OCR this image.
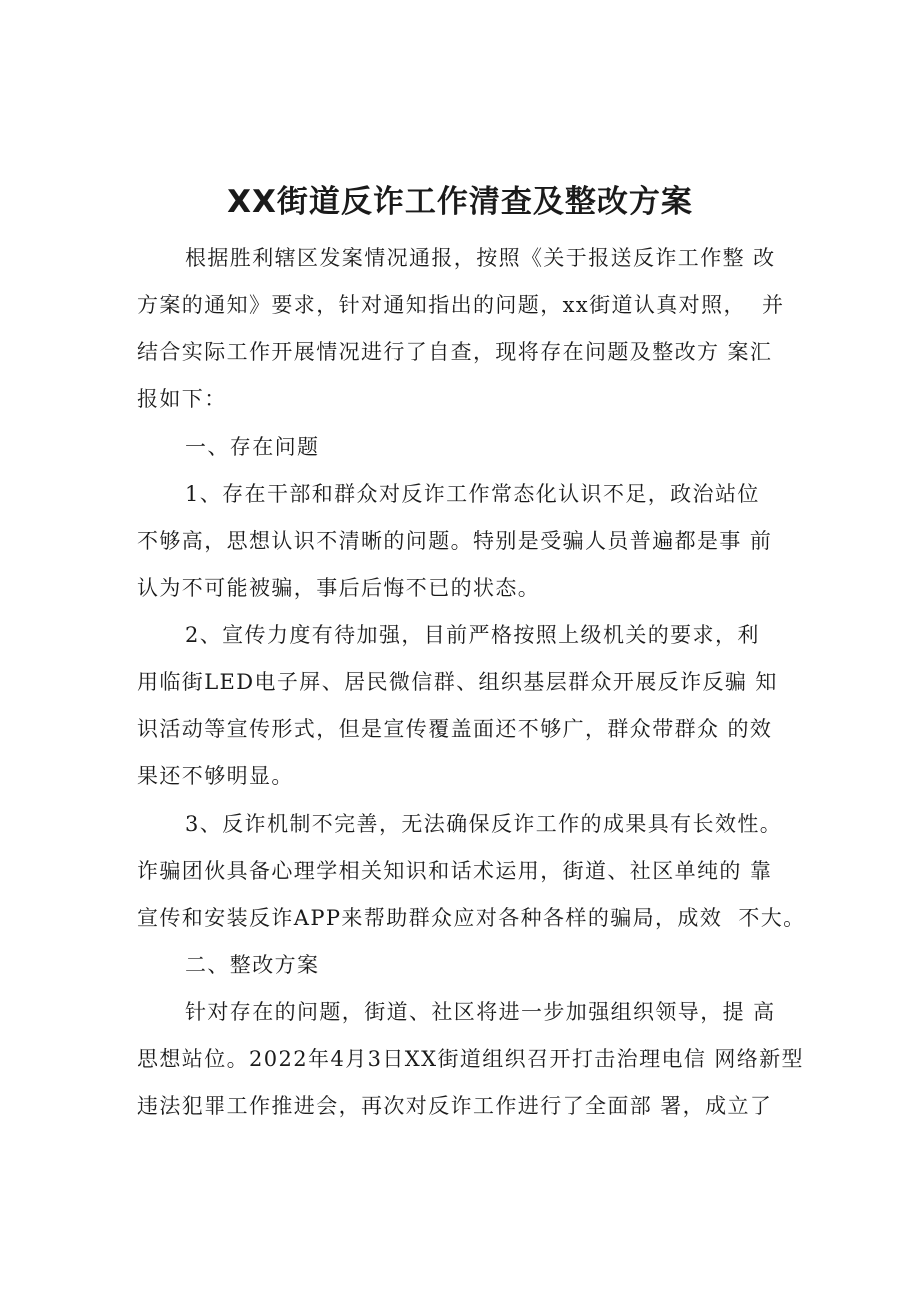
XX街道反诈工作清查及整改方案
根据胜利辖区发案情况通报，按照《关于报送反诈工作整 改
方案的通知》要求，针对通知指出的问题，xx街道认真对照，  并
结合实际工作开展情况进行了自查，现将存在问题及整改方 案汇
报如下：
一、存在问题
1、存在干部和群众对反诈工作常态化认识不足，政治站位
不够高，思想认识不清晰的问题。特别是受骗人员普遍都是事 前
认为不可能被骗，事后后悔不已的状态。
2、宣传力度有待加强，目前严格按照上级机关的要求，利
用临街LED电子屏、居民微信群、组织基层群众开展反诈反骗 知
识活动等宣传形式，但是宣传覆盖面还不够广，群众带群众 的效
果还不够明显。
3、反诈机制不完善，无法确保反诈工作的成果具有长效性。
诈骗团伙具备心理学相关知识和话术运用，街道、社区单纯的 靠
宣传和安装反诈APP来帮助群众应对各种各样的骗局，成效  不大。
二、整改方案
针对存在的问题，街道、社区将进一步加强组织领导，提 高
思想站位。2022年4月3日XX街道组织召开打击治理电信 网络新型
违法犯罪工作推进会，再次对反诈工作进行了全面部 署，成立了
